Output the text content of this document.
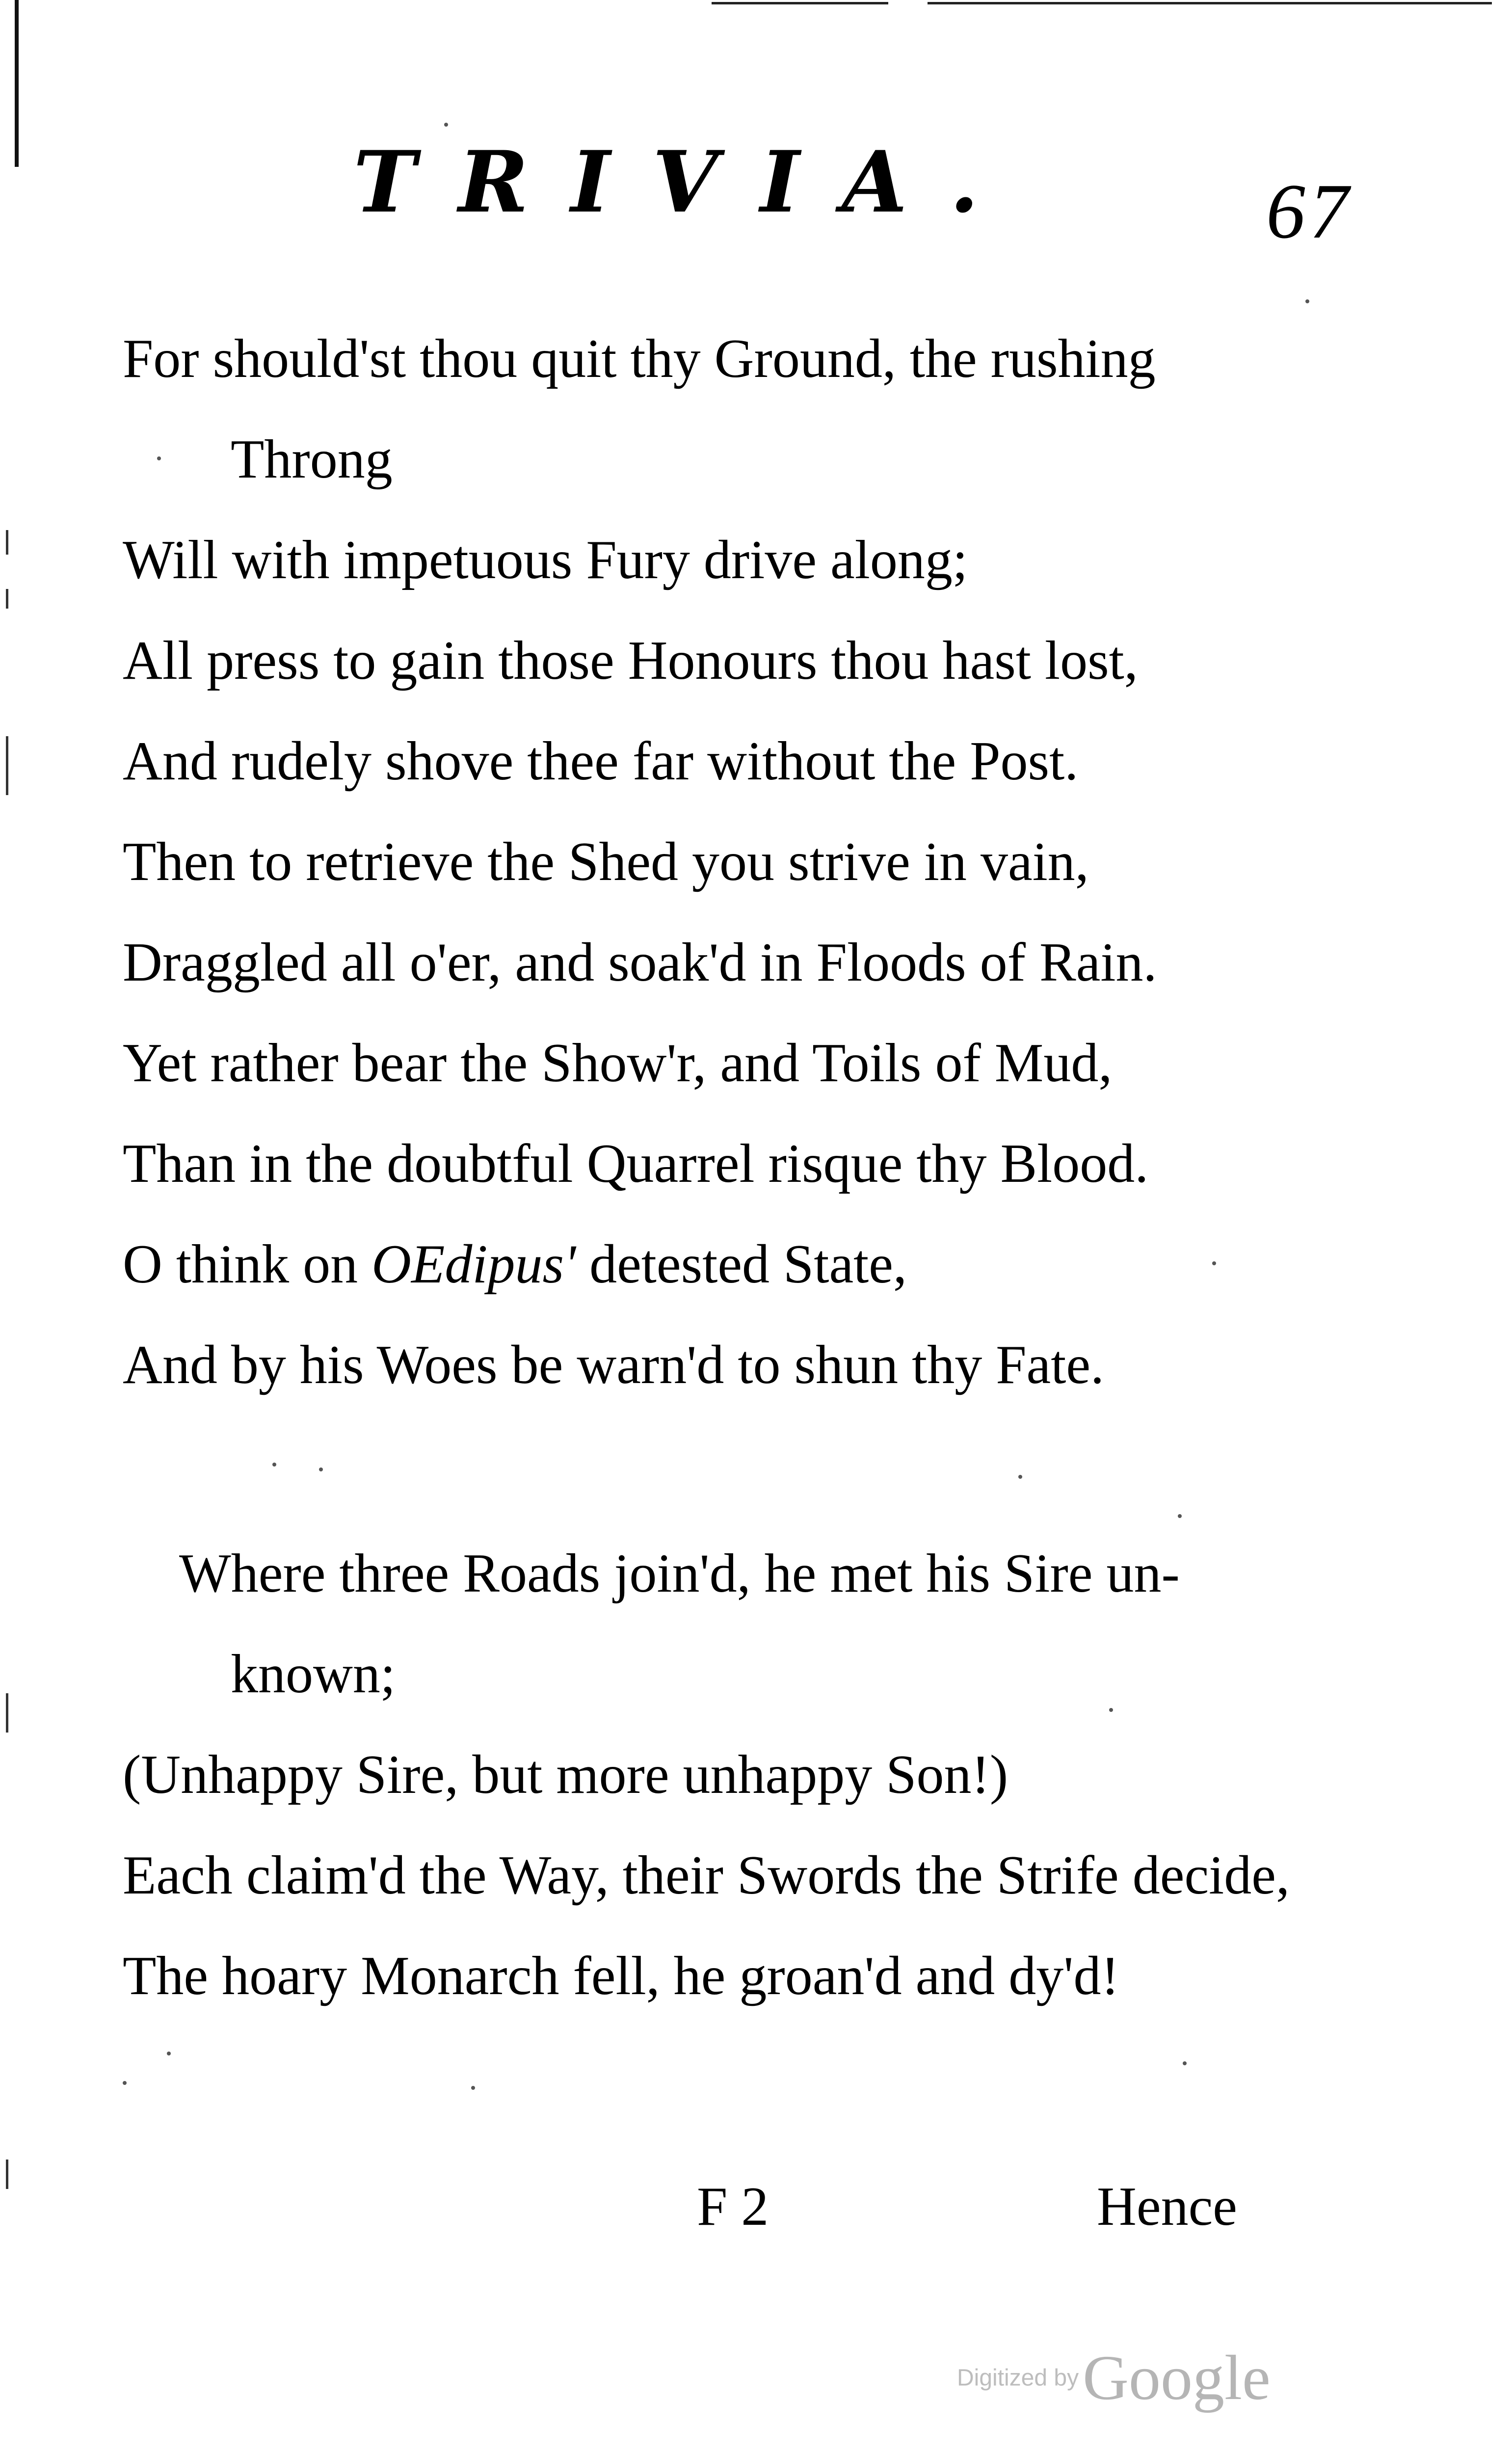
TRIVIA.	67
For should'st thou quit thy Ground, the rushing
Throng
Will with impetuous Fury drive along;
All press to gain those Honours thou hast lost,
And rudely shove thee far without the Post.
Then to retrieve the Shed you strive in vain,
Draggled all o'er, and soak'd in Floods of Rain.
Yet rather bear the Show'r, and Toils of Mud,
Than in the doubtful Quarrel risque thy Blood.
O think on OEdipus' detested State,
And by his Woes be warn'd to shun thy Fate.
Where three Roads join'd, he met his Sire un-
known;
(Unhappy Sire, but more unhappy Son!)
Each claim'd the Way, their Swords the Strife decide,
The hoary Monarch fell, he groan'd and dy'd!
F 2	Hence
Digitized byGoogle
